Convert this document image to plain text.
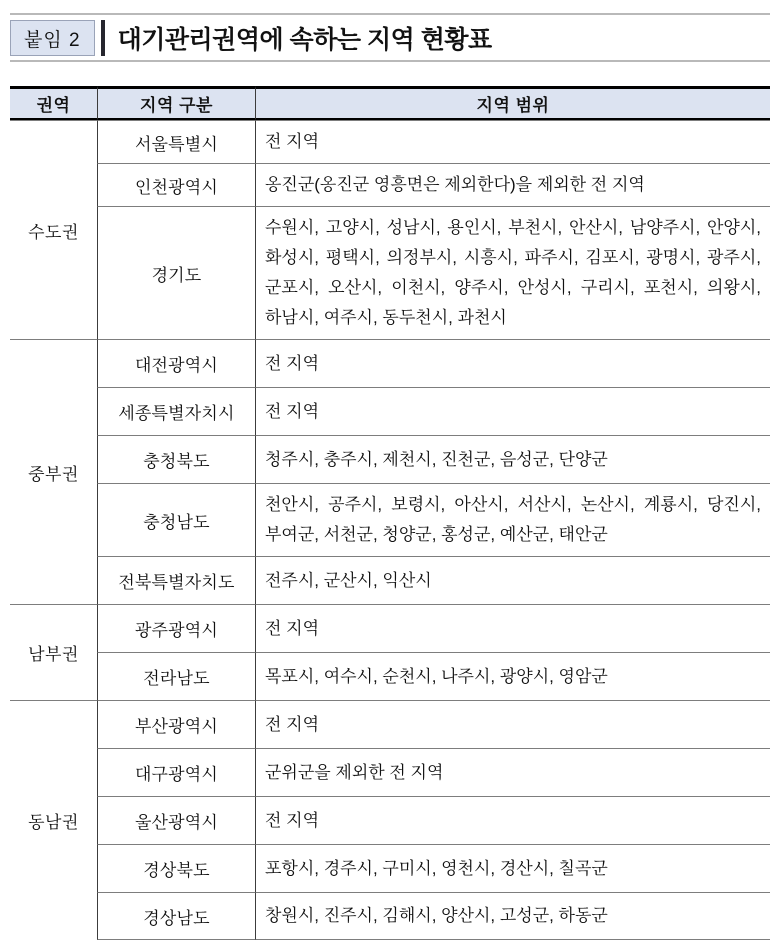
붙임 2	대기관리권역에 속하는 지역 현황표
권역	지역 구분	지역 범위
수도권	서울특별시	전 지역
	인천광역시	옹진군(옹진군 영흥면은 제외한다)을 제외한 전 지역
	경기도	수원시, 고양시, 성남시, 용인시, 부천시, 안산시, 남양주시, 안양시, 화성시, 평택시, 의정부시, 시흥시, 파주시, 김포시, 광명시, 광주시, 군포시, 오산시, 이천시, 양주시, 안성시, 구리시, 포천시, 의왕시, 하남시, 여주시, 동두천시, 과천시
중부권	대전광역시	전 지역
	세종특별자치시	전 지역
	충청북도	청주시, 충주시, 제천시, 진천군, 음성군, 단양군
	충청남도	천안시, 공주시, 보령시, 아산시, 서산시, 논산시, 계룡시, 당진시, 부여군, 서천군, 청양군, 홍성군, 예산군, 태안군
	전북특별자치도	전주시, 군산시, 익산시
남부권	광주광역시	전 지역
	전라남도	목포시, 여수시, 순천시, 나주시, 광양시, 영암군
동남권	부산광역시	전 지역
	대구광역시	군위군을 제외한 전 지역
	울산광역시	전 지역
	경상북도	포항시, 경주시, 구미시, 영천시, 경산시, 칠곡군
	경상남도	창원시, 진주시, 김해시, 양산시, 고성군, 하동군
